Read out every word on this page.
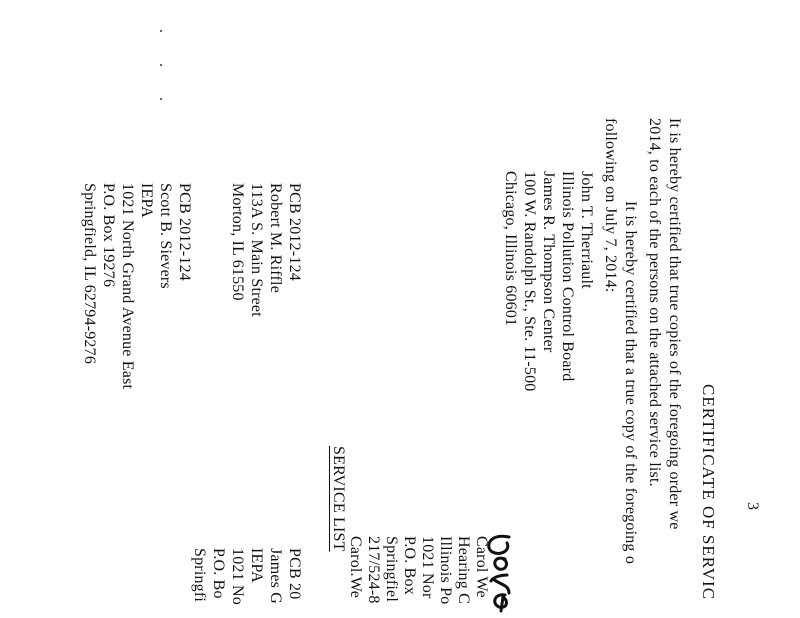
3
CERTIFICATE OF SERVIC
It is hereby certified that true copies of the foregoing order we
2014, to each of the persons on the attached service list.
It is hereby certified that a true copy of the foregoing o
following on July 7, 2014:
John T. Therriault
Illinois Pollution Control Board
James R. Thompson Center
100 W. Randolph St., Ste. 11-500
Chicago, Illinois 60601
Carol We
Hearing C
Illinois Po
1021 Nor
P.O. Box
Springfiel
217/524-8
Carol.We
SERVICE LIST
PCB 2012-124
Robert M. Riffle
113A S. Main Street
Morton, IL 61550
PCB 2012-124
Scott B. Sievers
IEPA
1021 North Grand Avenue East
P.O. Box 19276
Springfield, IL 62794-9276
PCB 20
James G
IEPA
1021 No
P.O. Bo
Springfi
